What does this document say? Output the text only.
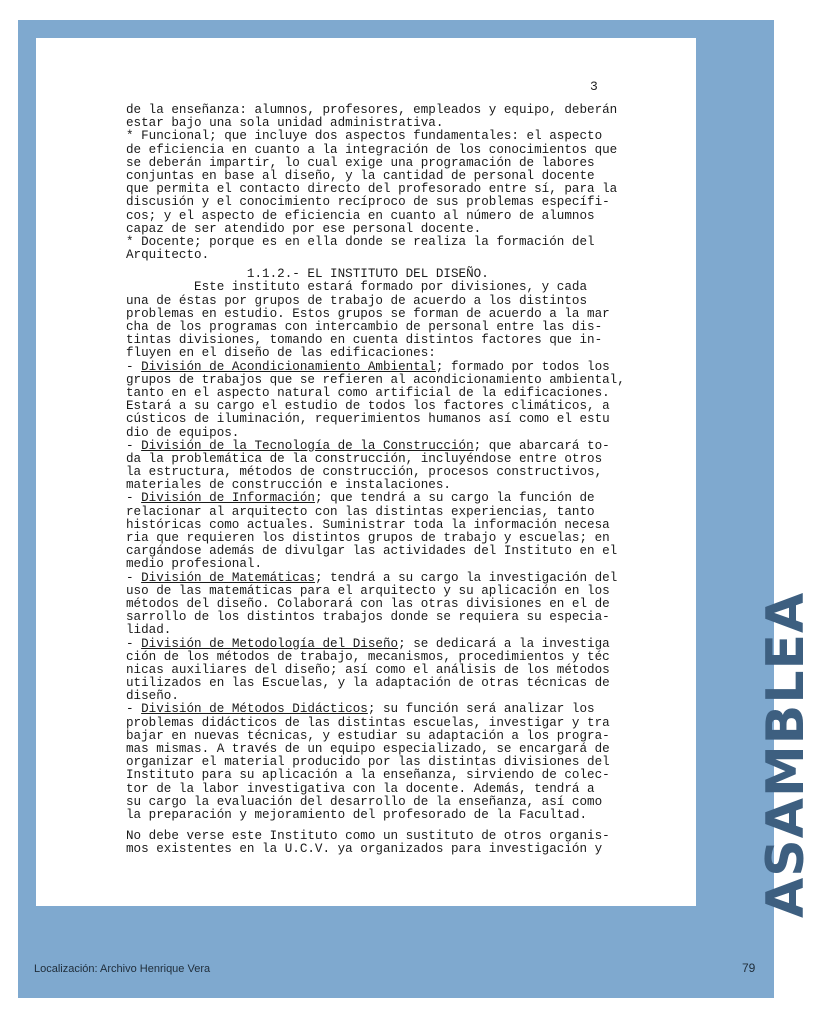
3
de la enseñanza: alumnos, profesores, empleados y equipo, deberán
estar bajo una sola unidad administrativa.
* Funcional; que incluye dos aspectos fundamentales: el aspecto
de eficiencia en cuanto a la integración de los conocimientos que
se deberán impartir, lo cual exige una programación de labores
conjuntas en base al diseño, y la cantidad de personal docente
que permita el contacto directo del profesorado entre sí, para la
discusión y el conocimiento recíproco de sus problemas específi-
cos; y el aspecto de eficiencia en cuanto al número de alumnos
capaz de ser atendido por ese personal docente.
* Docente; porque es en ella donde se realiza la formación del
Arquitecto.
1.1.2.- EL INSTITUTO DEL DISEÑO.
Este instituto estará formado por divisiones, y cada
una de éstas por grupos de trabajo de acuerdo a los distintos
problemas en estudio. Estos grupos se forman de acuerdo a la mar
cha de los programas con intercambio de personal entre las dis-
tintas divisiones, tomando en cuenta distintos factores que in-
fluyen en el diseño de las edificaciones:
- División de Acondicionamiento Ambiental; formado por todos los
grupos de trabajos que se refieren al acondicionamiento ambiental,
tanto en el aspecto natural como artificial de la edificaciones.
Estará a su cargo el estudio de todos los factores climáticos, a
cústicos de iluminación, requerimientos humanos así como el estu
dio de equipos.
- División de la Tecnología de la Construcción; que abarcará to-
da la problemática de la construcción, incluyéndose entre otros
la estructura, métodos de construcción, procesos constructivos,
materiales de construcción e instalaciones.
- División de Información; que tendrá a su cargo la función de
relacionar al arquitecto con las distintas experiencias, tanto
históricas como actuales. Suministrar toda la información necesa
ria que requieren los distintos grupos de trabajo y escuelas; en
cargándose además de divulgar las actividades del Instituto en el
medio profesional.
- División de Matemáticas; tendrá a su cargo la investigación del
uso de las matemáticas para el arquitecto y su aplicación en los
métodos del diseño. Colaborará con las otras divisiones en el de
sarrollo de los distintos trabajos donde se requiera su especia-
lidad.
- División de Metodología del Diseño; se dedicará a la investiga
ción de los métodos de trabajo, mecanismos, procedimientos y téc
nicas auxiliares del diseño; así como el análisis de los métodos
utilizados en las Escuelas, y la adaptación de otras técnicas de
diseño.
- División de Métodos Didácticos; su función será analizar los
problemas didácticos de las distintas escuelas, investigar y tra
bajar en nuevas técnicas, y estudiar su adaptación a los progra-
mas mismas. A través de un equipo especializado, se encargará de
organizar el material producido por las distintas divisiones del
Instituto para su aplicación a la enseñanza, sirviendo de colec-
tor de la labor investigativa con la docente. Además, tendrá a
su cargo la evaluación del desarrollo de la enseñanza, así como
la preparación y mejoramiento del profesorado de la Facultad.
No debe verse este Instituto como un sustituto de otros organis-
mos existentes en la U.C.V. ya organizados para investigación y	ASAMBLEA
Localización: Archivo Henrique Vera	79
